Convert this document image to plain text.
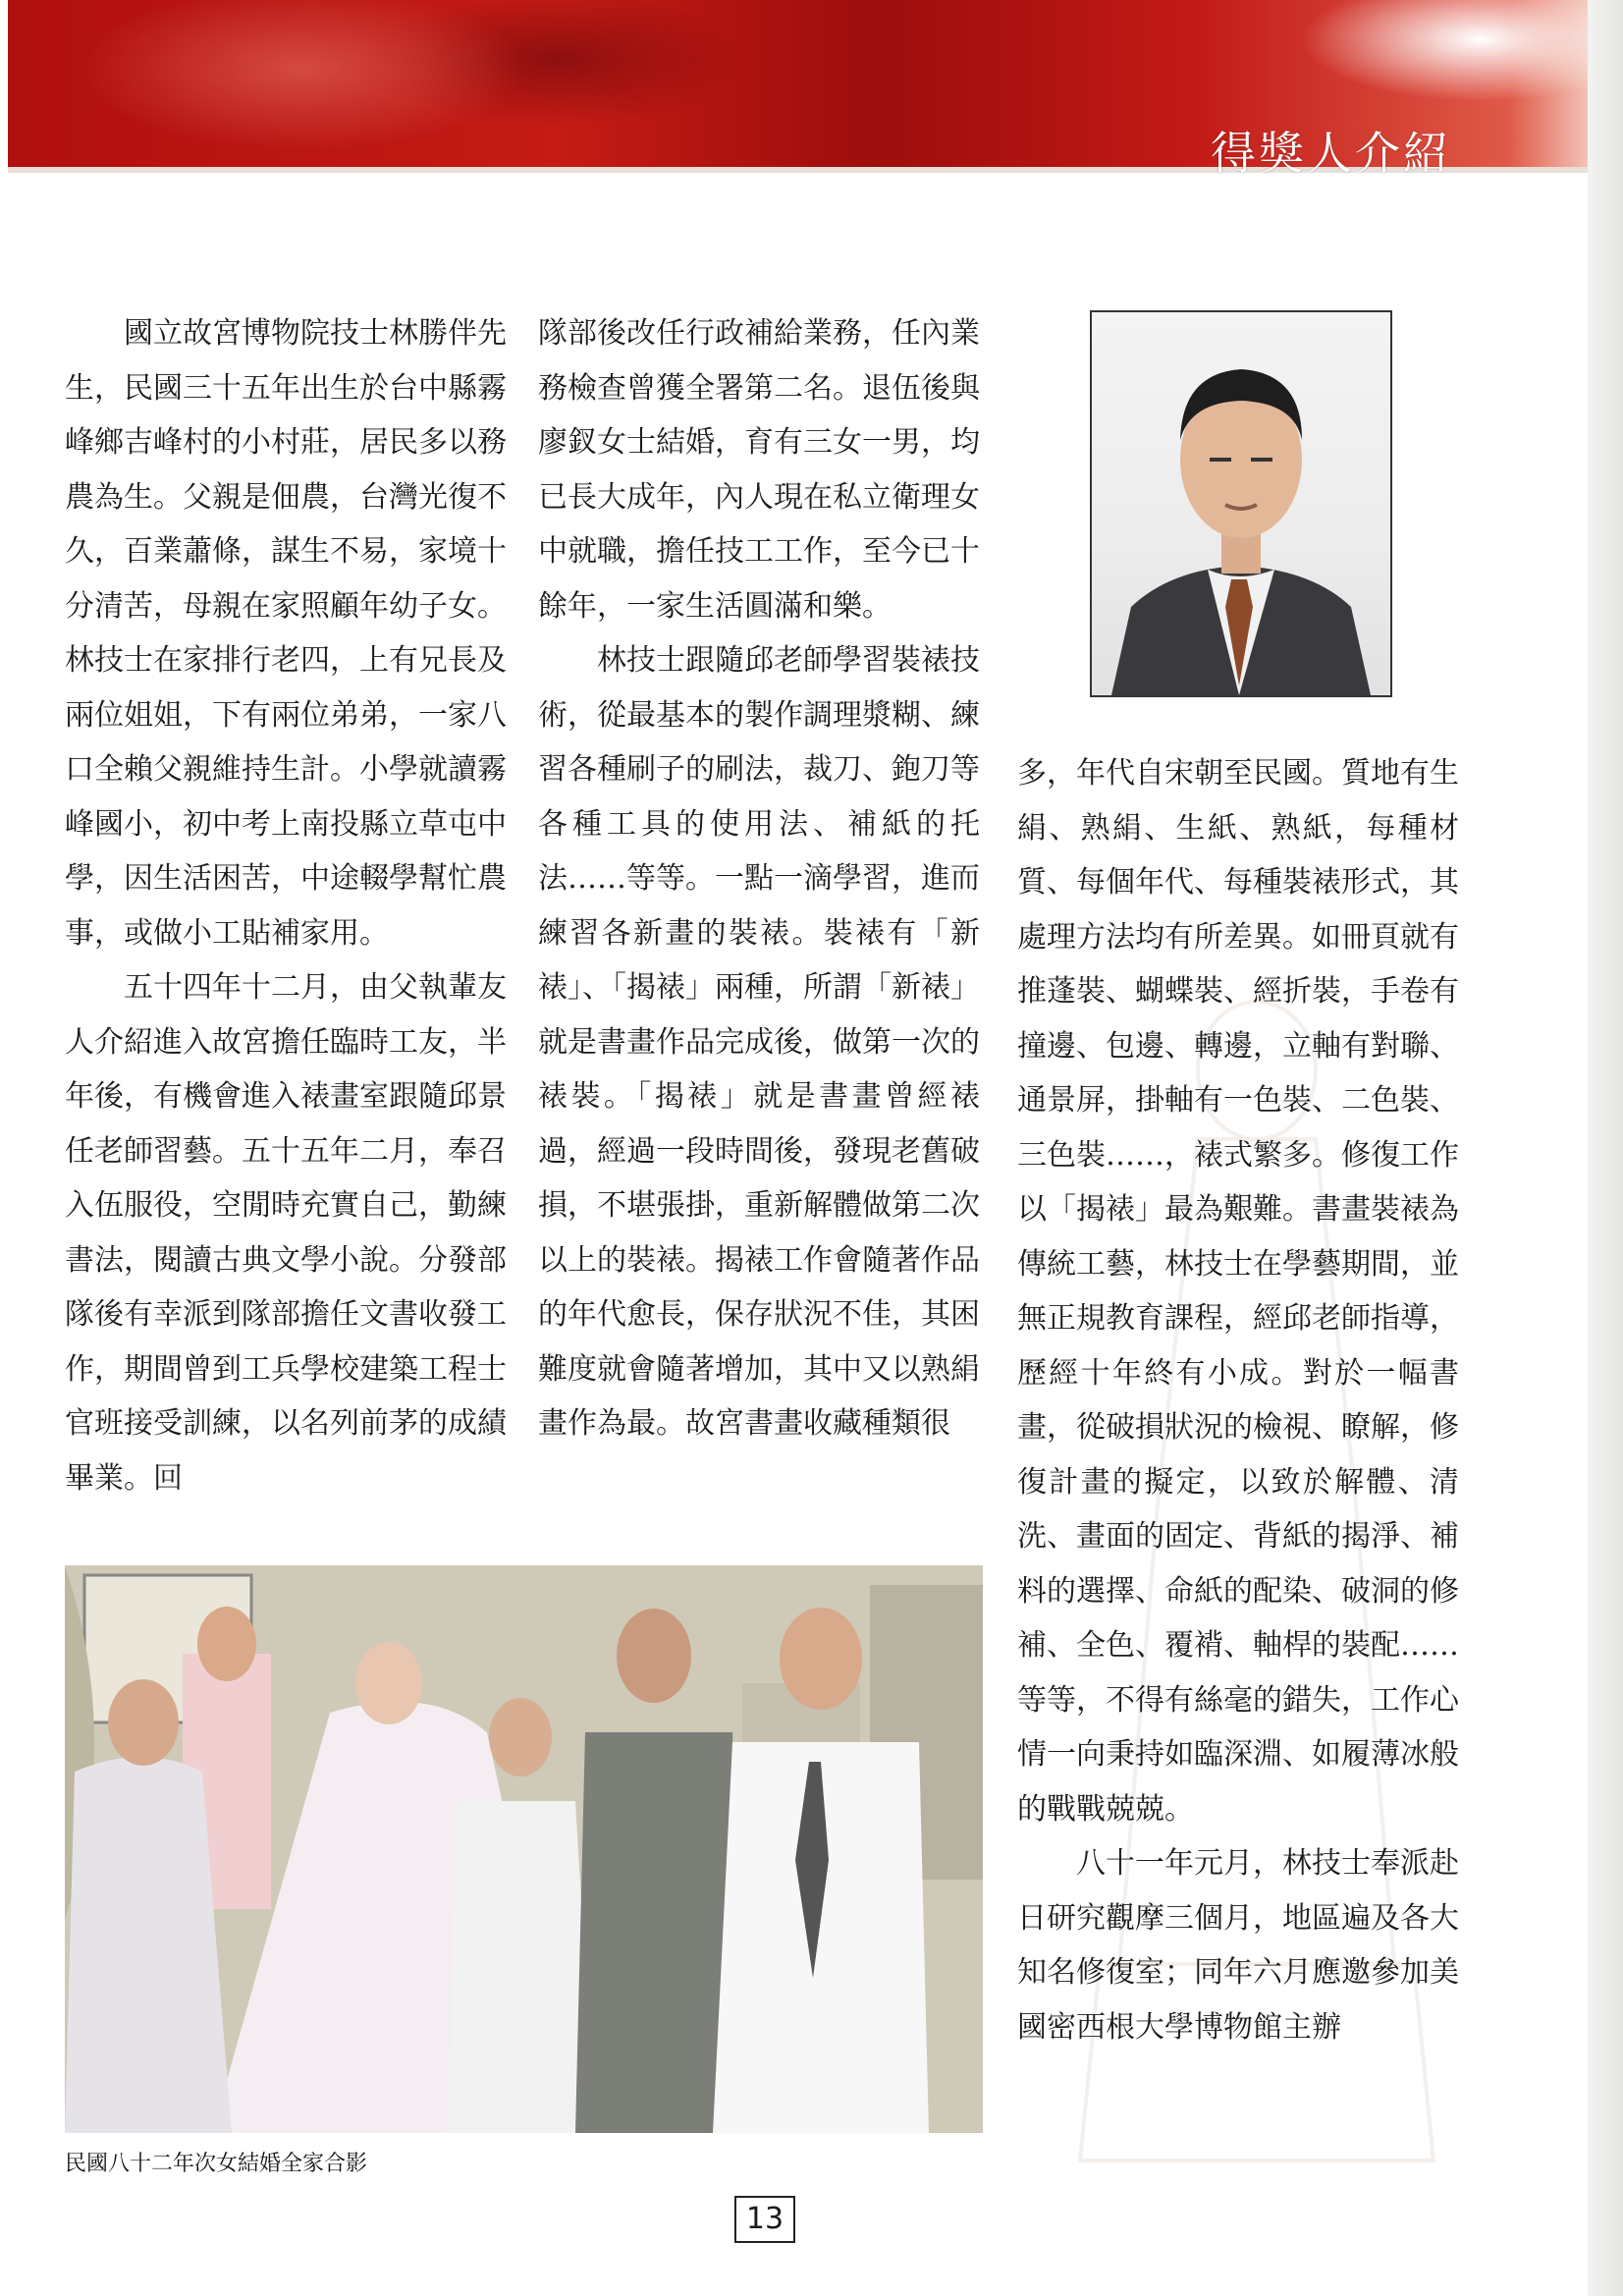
得獎人介紹

國立故宮博物院技士林勝伴先生，民國三十五年出生於台中縣霧峰鄉吉峰村的小村莊，居民多以務農為生。父親是佃農，台灣光復不久，百業蕭條，謀生不易，家境十分清苦，母親在家照顧年幼子女。林技士在家排行老四，上有兄長及兩位姐姐，下有兩位弟弟，一家八口全賴父親維持生計。小學就讀霧峰國小，初中考上南投縣立草屯中學，因生活困苦，中途輟學幫忙農事，或做小工貼補家用。

五十四年十二月，由父執輩友人介紹進入故宮擔任臨時工友，半年後，有機會進入裱畫室跟隨邱景任老師習藝。五十五年二月，奉召入伍服役，空閒時充實自己，勤練書法，閱讀古典文學小說。分發部隊後有幸派到隊部擔任文書收發工作，期間曾到工兵學校建築工程士官班接受訓練，以名列前茅的成績畢業。回

隊部後改任行政補給業務，任內業務檢查曾獲全署第二名。退伍後與廖釵女士結婚，育有三女一男，均已長大成年，內人現在私立衛理女中就職，擔任技工工作，至今已十餘年，一家生活圓滿和樂。

林技士跟隨邱老師學習裝裱技術，從最基本的製作調理漿糊、練習各種刷子的刷法，裁刀、鉋刀等各種工具的使用法、補紙的托法……等等。一點一滴學習，進而練習各新畫的裝裱。裝裱有「新裱」、「揭裱」兩種，所謂「新裱」就是書畫作品完成後，做第一次的裱裝。「揭裱」就是書畫曾經裱過，經過一段時間後，發現老舊破損，不堪張掛，重新解體做第二次以上的裝裱。揭裱工作會隨著作品的年代愈長，保存狀況不佳，其困難度就會隨著增加，其中又以熟絹畫作為最。故宮書畫收藏種類很

多，年代自宋朝至民國。質地有生絹、熟絹、生紙、熟紙，每種材質、每個年代、每種裝裱形式，其處理方法均有所差異。如冊頁就有推蓬裝、蝴蝶裝、經折裝，手卷有撞邊、包邊、轉邊，立軸有對聯、通景屏，掛軸有一色裝、二色裝、三色裝……，裱式繁多。修復工作以「揭裱」最為艱難。書畫裝裱為傳統工藝，林技士在學藝期間，並無正規教育課程，經邱老師指導，歷經十年終有小成。對於一幅書畫，從破損狀況的檢視、瞭解，修復計畫的擬定，以致於解體、清洗、畫面的固定、背紙的揭淨、補料的選擇、命紙的配染、破洞的修補、全色、覆褙、軸桿的裝配……等等，不得有絲毫的錯失，工作心情一向秉持如臨深淵、如履薄冰般的戰戰兢兢。

八十一年元月，林技士奉派赴日研究觀摩三個月，地區遍及各大知名修復室；同年六月應邀參加美國密西根大學博物館主辦

民國八十二年次女結婚全家合影
13
